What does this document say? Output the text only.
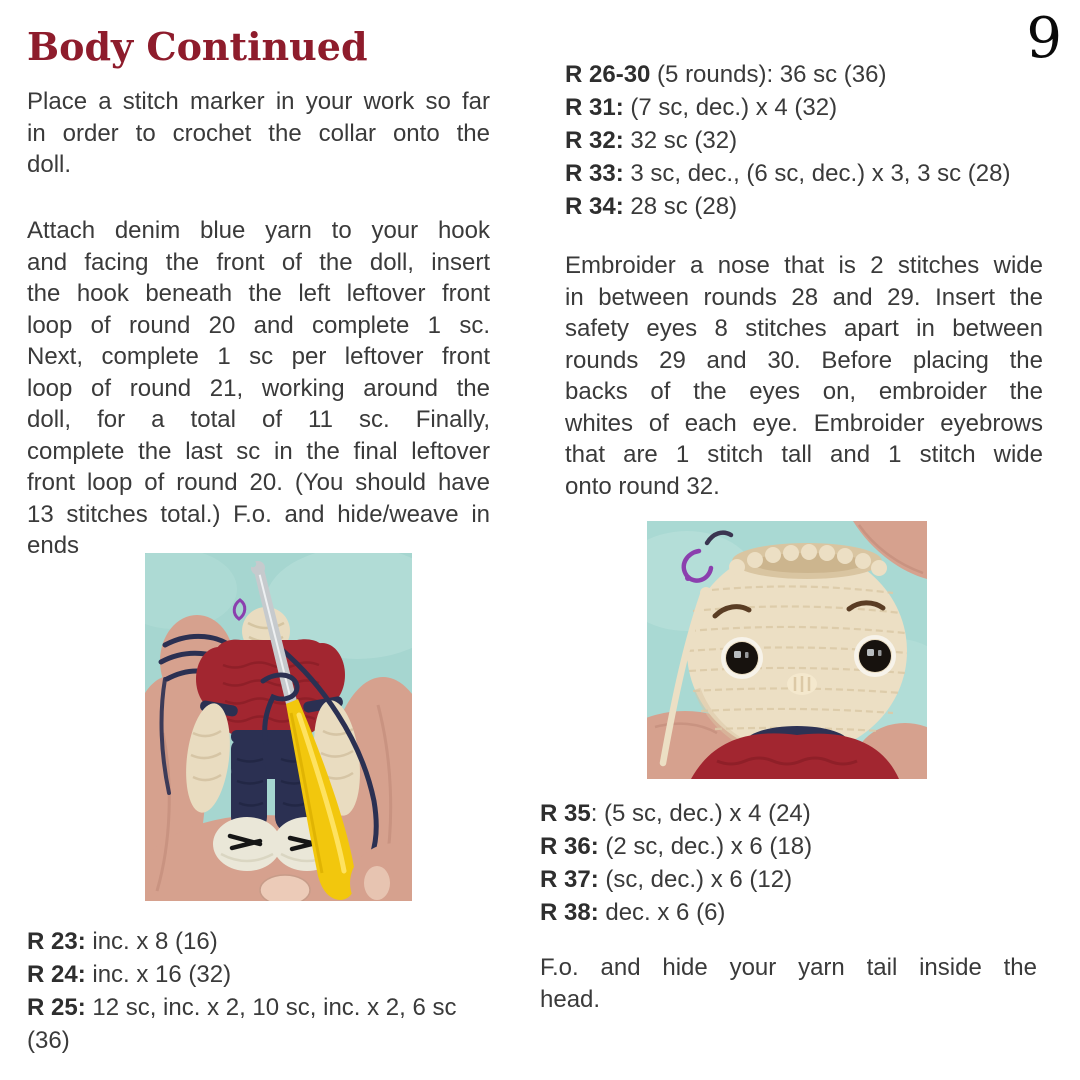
9
Body Continued
Place a stitch marker in your work so far
in order to crochet the collar onto the
doll.
Attach denim blue yarn to your hook
and facing the front of the doll, insert
the hook beneath the left leftover front
loop of round 20 and complete 1 sc.
Next, complete 1 sc per leftover front
loop of round 21, working around the
doll, for a total of 11 sc. Finally,
complete the last sc in the final leftover
front loop of round 20. (You should have
13 stitches total.) F.o. and hide/weave in
ends
R 23: inc. x 8 (16)
R 24: inc. x 16 (32)
R 25: 12 sc, inc. x 2, 10 sc, inc. x 2, 6 sc
(36)
R 26-30 (5 rounds): 36 sc (36)
R 31: (7 sc, dec.) x 4 (32)
R 32: 32 sc (32)
R 33: 3 sc, dec., (6 sc, dec.) x 3, 3 sc (28)
R 34: 28 sc (28)
Embroider a nose that is 2 stitches wide
in between rounds 28 and 29. Insert the
safety eyes 8 stitches apart in between
rounds 29 and 30. Before placing the
backs of the eyes on, embroider the
whites of each eye. Embroider eyebrows
that are 1 stitch tall and 1 stitch wide
onto round 32.
R 35: (5 sc, dec.) x 4 (24)
R 36: (2 sc, dec.) x 6 (18)
R 37: (sc, dec.) x 6 (12)
R 38: dec. x 6 (6)
F.o. and hide your yarn tail inside the
head.
